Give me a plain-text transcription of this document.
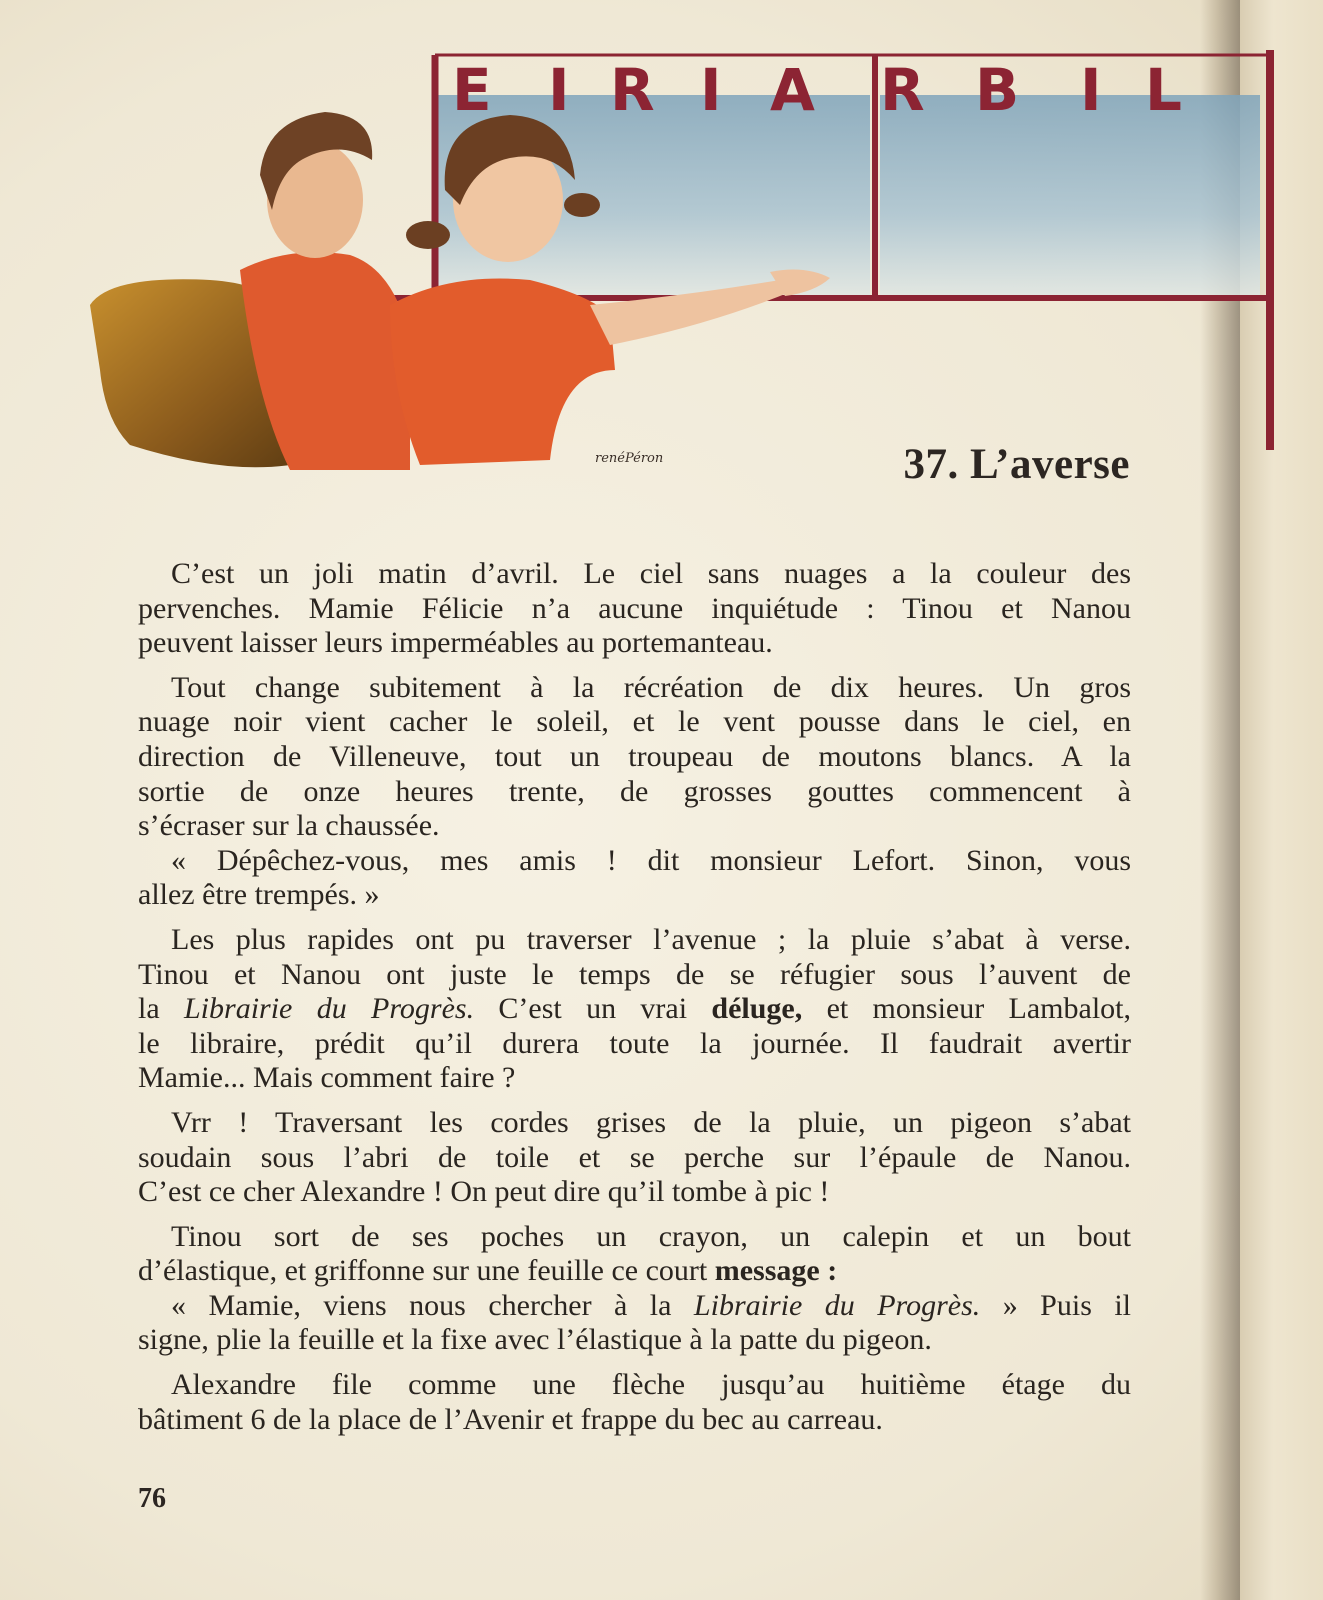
E I R I A R B I L
renéPéron	37. L’averse
C’est un joli matin d’avril. Le ciel sans nuages a la couleur des
pervenches. Mamie Félicie n’a aucune inquiétude : Tinou et Nanou
peuvent laisser leurs imperméables au portemanteau.
Tout change subitement à la récréation de dix heures. Un gros
nuage noir vient cacher le soleil, et le vent pousse dans le ciel, en
direction de Villeneuve, tout un troupeau de moutons blancs. A la
sortie de onze heures trente, de grosses gouttes commencent à
s’écraser sur la chaussée.
« Dépêchez-vous, mes amis ! dit monsieur Lefort. Sinon, vous
allez être trempés. »
Les plus rapides ont pu traverser l’avenue ; la pluie s’abat à verse.
Tinou et Nanou ont juste le temps de se réfugier sous l’auvent de
la Librairie du Progrès. C’est un vrai déluge, et monsieur Lambalot,
le libraire, prédit qu’il durera toute la journée. Il faudrait avertir
Mamie... Mais comment faire ?
Vrr ! Traversant les cordes grises de la pluie, un pigeon s’abat
soudain sous l’abri de toile et se perche sur l’épaule de Nanou.
C’est ce cher Alexandre ! On peut dire qu’il tombe à pic !
Tinou sort de ses poches un crayon, un calepin et un bout
d’élastique, et griffonne sur une feuille ce court message :
« Mamie, viens nous chercher à la Librairie du Progrès. » Puis il
signe, plie la feuille et la fixe avec l’élastique à la patte du pigeon.
Alexandre file comme une flèche jusqu’au huitième étage du
bâtiment 6 de la place de l’Avenir et frappe du bec au carreau.
76
